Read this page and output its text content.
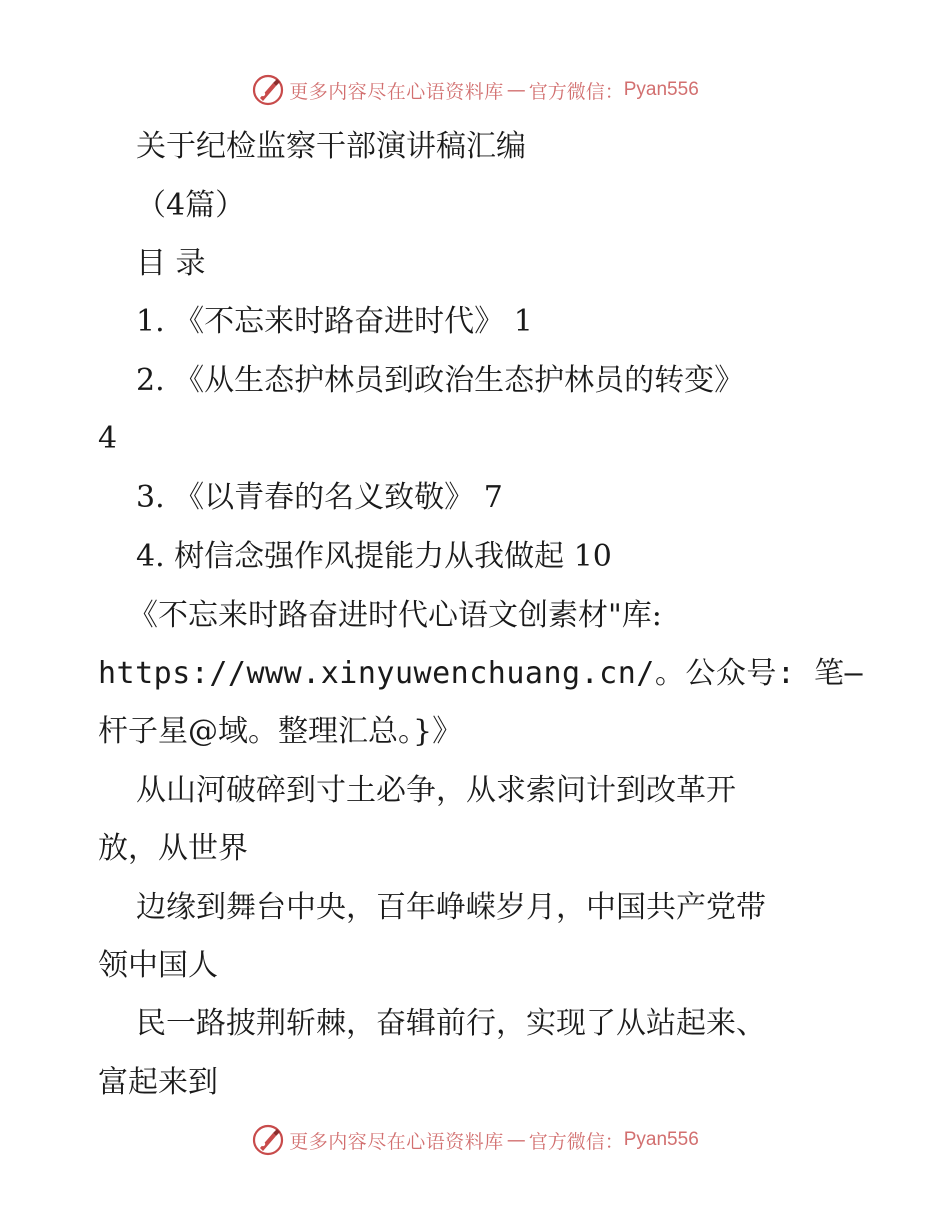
更多内容尽在心语资料库 — 官方微信： Pyan556
关于纪检监察干部演讲稿汇编
（4篇）
目 录
1. 《不忘来时路奋进时代》 1
2. 《从生态护林员到政治生态护林员的转变》
4
3. 《以青春的名义致敬》 7
4. 树信念强作风提能力从我做起 10
《不忘来时路奋进时代心语文创素材"库:
https://www.xinyuwenchuang.cn/。公众号: 笔—
杆子星@域。整理汇总。}》
从山河破碎到寸土必争，从求索问计到改革开
放，从世界
边缘到舞台中央，百年峥嵘岁月，中国共产党带
领中国人
民一路披荆斩棘，奋辑前行，实现了从站起来、
富起来到
更多内容尽在心语资料库 — 官方微信： Pyan556
